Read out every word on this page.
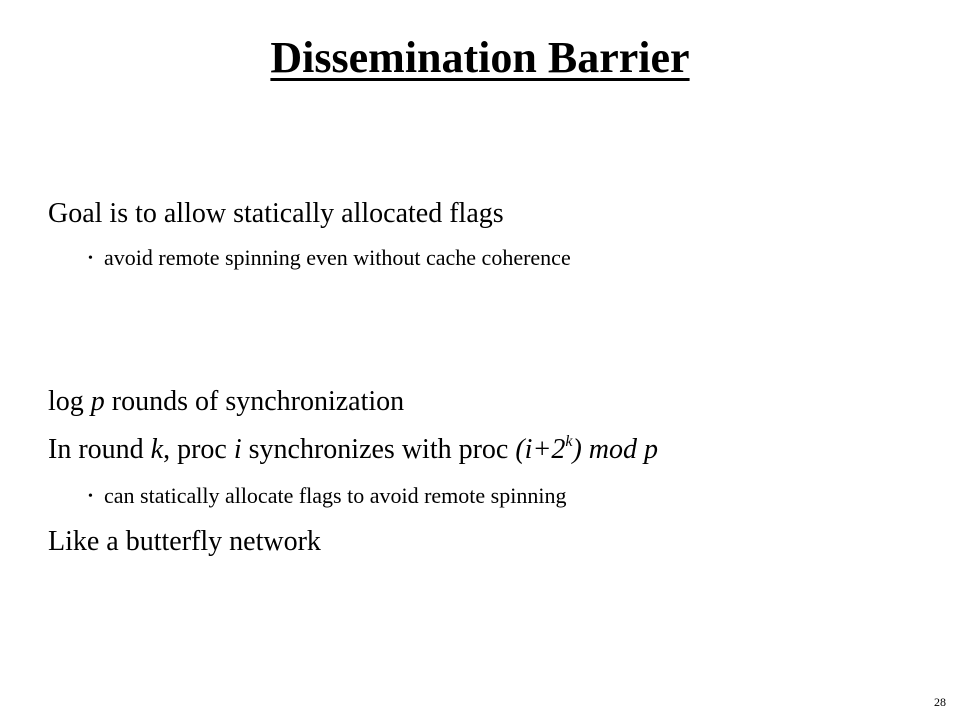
Dissemination Barrier
Goal is to allow statically allocated flags
• avoid remote spinning even without cache coherence
log p rounds of synchronization
In round k, proc i synchronizes with proc $(i+2^k)$ mod p
• can statically allocate flags to avoid remote spinning
Like a butterfly network
28
